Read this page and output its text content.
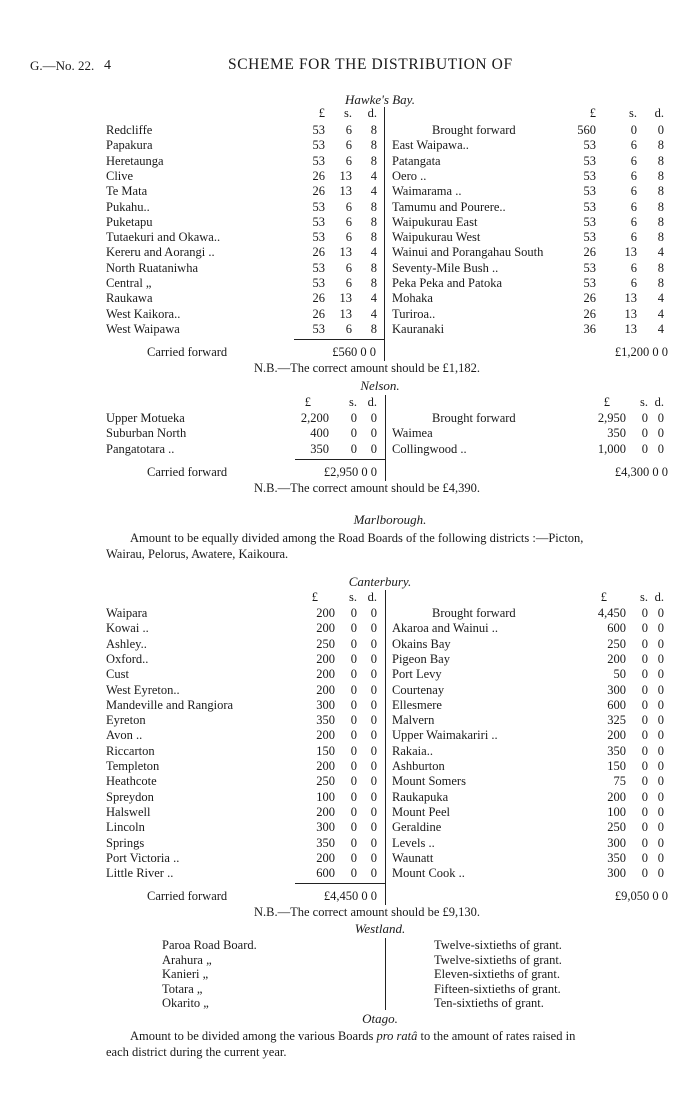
G.—No. 22. 4	SCHEME FOR THE DISTRIBUTION OF
Hawke's Bay.
£	s.	d.	£	s.	d.
Redcliffe	53	6	8
Papakura	53	6	8
Heretaunga	53	6	8
Clive	26	13	4
Te Mata	26	13	4
Pukahu..	53	6	8
Puketapu	53	6	8
Tutaekuri and Okawa..	53	6	8
Kereru and Aorangi ..	26	13	4
North Ruataniwha	53	6	8
Central „	53	6	8
Raukawa	26	13	4
West Kaikora..	26	13	4
West Waipawa	53	6	8
Brought forward	560	0	0
East Waipawa..	53	6	8
Patangata	53	6	8
Oero ..	53	6	8
Waimarama ..	53	6	8
Tamumu and Pourere..	53	6	8
Waipukurau East	53	6	8
Waipukurau West	53	6	8
Wainui and Porangahau South	26	13	4
Seventy-Mile Bush ..	53	6	8
Peka Peka and Patoka	53	6	8
Mohaka	26	13	4
Turiroa..	26	13	4
Kauranaki	36	13	4
Carried forward	£560 0 0	£1,200 0 0
N.B.—The correct amount should be £1,182.
Nelson.
Upper Motueka	2,200	0	0
Suburban North	400	0	0
Pangatotara ..	350	0	0
Brought forward	2,950	0 0
Waimea	350	0 0
Collingwood ..	1,000	0 0
Carried forward	£2,950 0 0	£4,300 0 0
N.B.—The correct amount should be £4,390.
£	s. d.	£	s. d.
Marlborough.
Amount to be equally divided among the Road Boards of the following districts :—Picton,
Wairau, Pelorus, Awatere, Kaikoura.
Canterbury.
Waipara	200	0	0
Kowai ..	200	0	0
Ashley..	250	0	0
Oxford..	200	0	0
Cust	200	0	0
West Eyreton..	200	0	0
Mandeville and Rangiora	300	0	0
Eyreton	350	0	0
Avon ..	200	0	0
Riccarton	150	0	0
Templeton	200	0	0
Heathcote	250	0	0
Spreydon	100	0	0
Halswell	200	0	0
Lincoln	300	0	0
Springs	350	0	0
Port Victoria ..	200	0	0
Little River ..	600	0	0
Brought forward	4,450	0 0
Akaroa and Wainui ..	600	0 0
Okains Bay	250	0 0
Pigeon Bay	200	0 0
Port Levy	50	0 0
Courtenay	300	0 0
Ellesmere	600	0 0
Malvern	325	0 0
Upper Waimakariri ..	200	0 0
Rakaia..	350	0 0
Ashburton	150	0 0
Mount Somers	75	0 0
Raukapuka	200	0 0
Mount Peel	100	0 0
Geraldine	250	0 0
Levels ..	300	0 0
Waunatt	350	0 0
Mount Cook ..	300	0 0
Carried forward	£4,450 0 0	£9,050 0 0
N.B.—The correct amount should be £9,130.
£	s. d.	£	s. d.
Westland.
Paroa Road Board.	Twelve-sixtieths of grant.
Arahura „	Twelve-sixtieths of grant.
Kanieri „	Eleven-sixtieths of grant.
Totara „	Fifteen-sixtieths of grant.
Okarito „	Ten-sixtieths of grant.
Otago.
Amount to be divided among the various Boards pro ratâ to the amount of rates raised in
each district during the current year.
